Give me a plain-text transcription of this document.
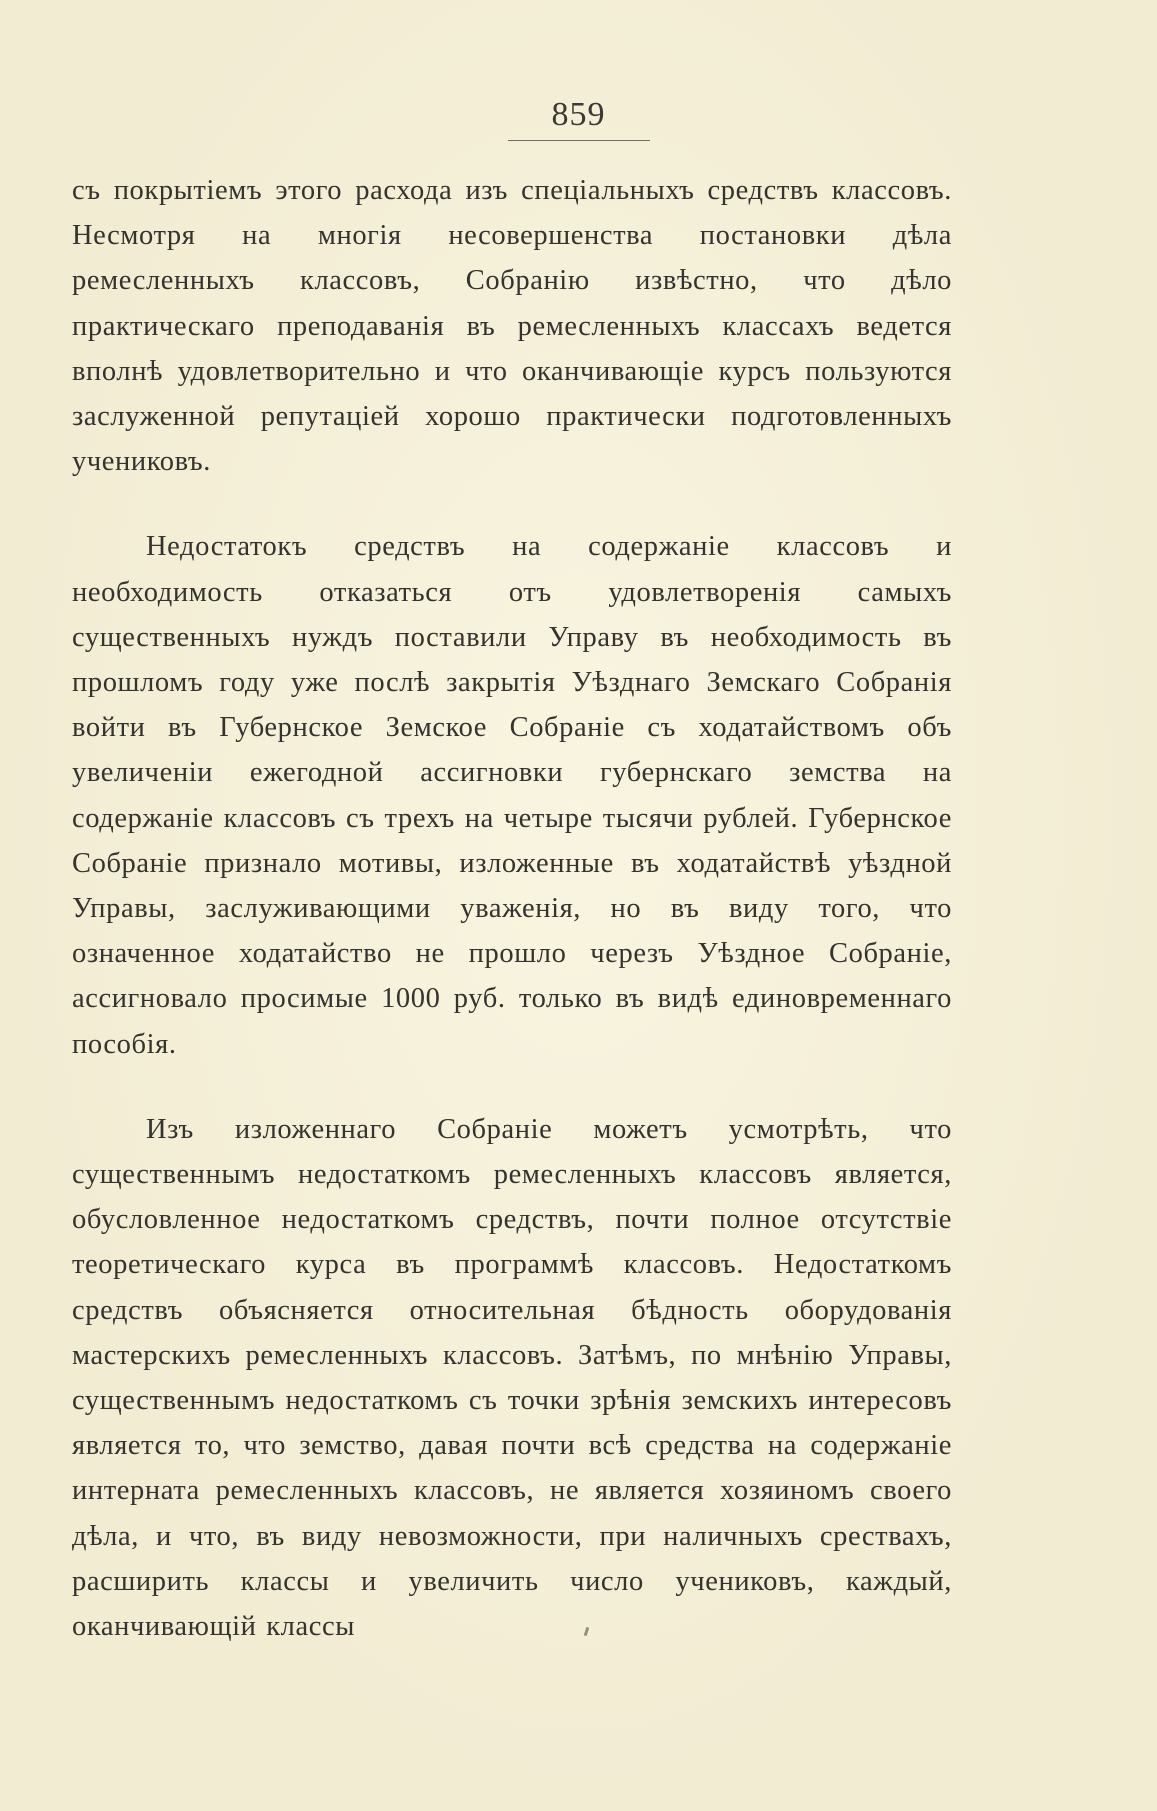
859

съ покрытіемъ этого расхода изъ спеціальныхъ средствъ классовъ. Несмотря на многія несовершенства постановки дѣла ремесленныхъ классовъ, Собранію извѣстно, что дѣло практическаго преподаванія въ ремесленныхъ классахъ ведется вполнѣ удовлетворительно и что оканчивающіе курсъ пользуются заслуженной репутаціей хорошо практически подготовленныхъ учениковъ.

Недостатокъ средствъ на содержаніе классовъ и необходимость отказаться отъ удовлетворенія самыхъ существенныхъ нуждъ поставили Управу въ необходимость въ прошломъ году уже послѣ закрытія Уѣзднаго Земскаго Собранія войти въ Губернское Земское Собраніе съ ходатайствомъ объ увеличеніи ежегодной ассигновки губернскаго земства на содержаніе классовъ съ трехъ на четыре тысячи рублей. Губернское Собраніе признало мотивы, изложенные въ ходатайствѣ уѣздной Управы, заслуживающими уваженія, но въ виду того, что означенное ходатайство не прошло черезъ Уѣздное Собраніе, ассигновало просимые 1000 руб. только въ видѣ единовременнаго пособія.

Изъ изложеннаго Собраніе можетъ усмотрѣть, что существеннымъ недостаткомъ ремесленныхъ классовъ является, обусловленное недостаткомъ средствъ, почти полное отсутствіе теоретическаго курса въ программѣ классовъ. Недостаткомъ средствъ объясняется относительная бѣдность оборудованія мастерскихъ ремесленныхъ классовъ. Затѣмъ, по мнѣнію Управы, существеннымъ недостаткомъ съ точки зрѣнія земскихъ интересовъ является то, что земство, давая почти всѣ средства на содержаніе интерната ремесленныхъ классовъ, не является хозяиномъ своего дѣла, и что, въ виду невозможности, при наличныхъ срествахъ, расширить классы и увеличить число учениковъ, каждый, оканчивающій классы
